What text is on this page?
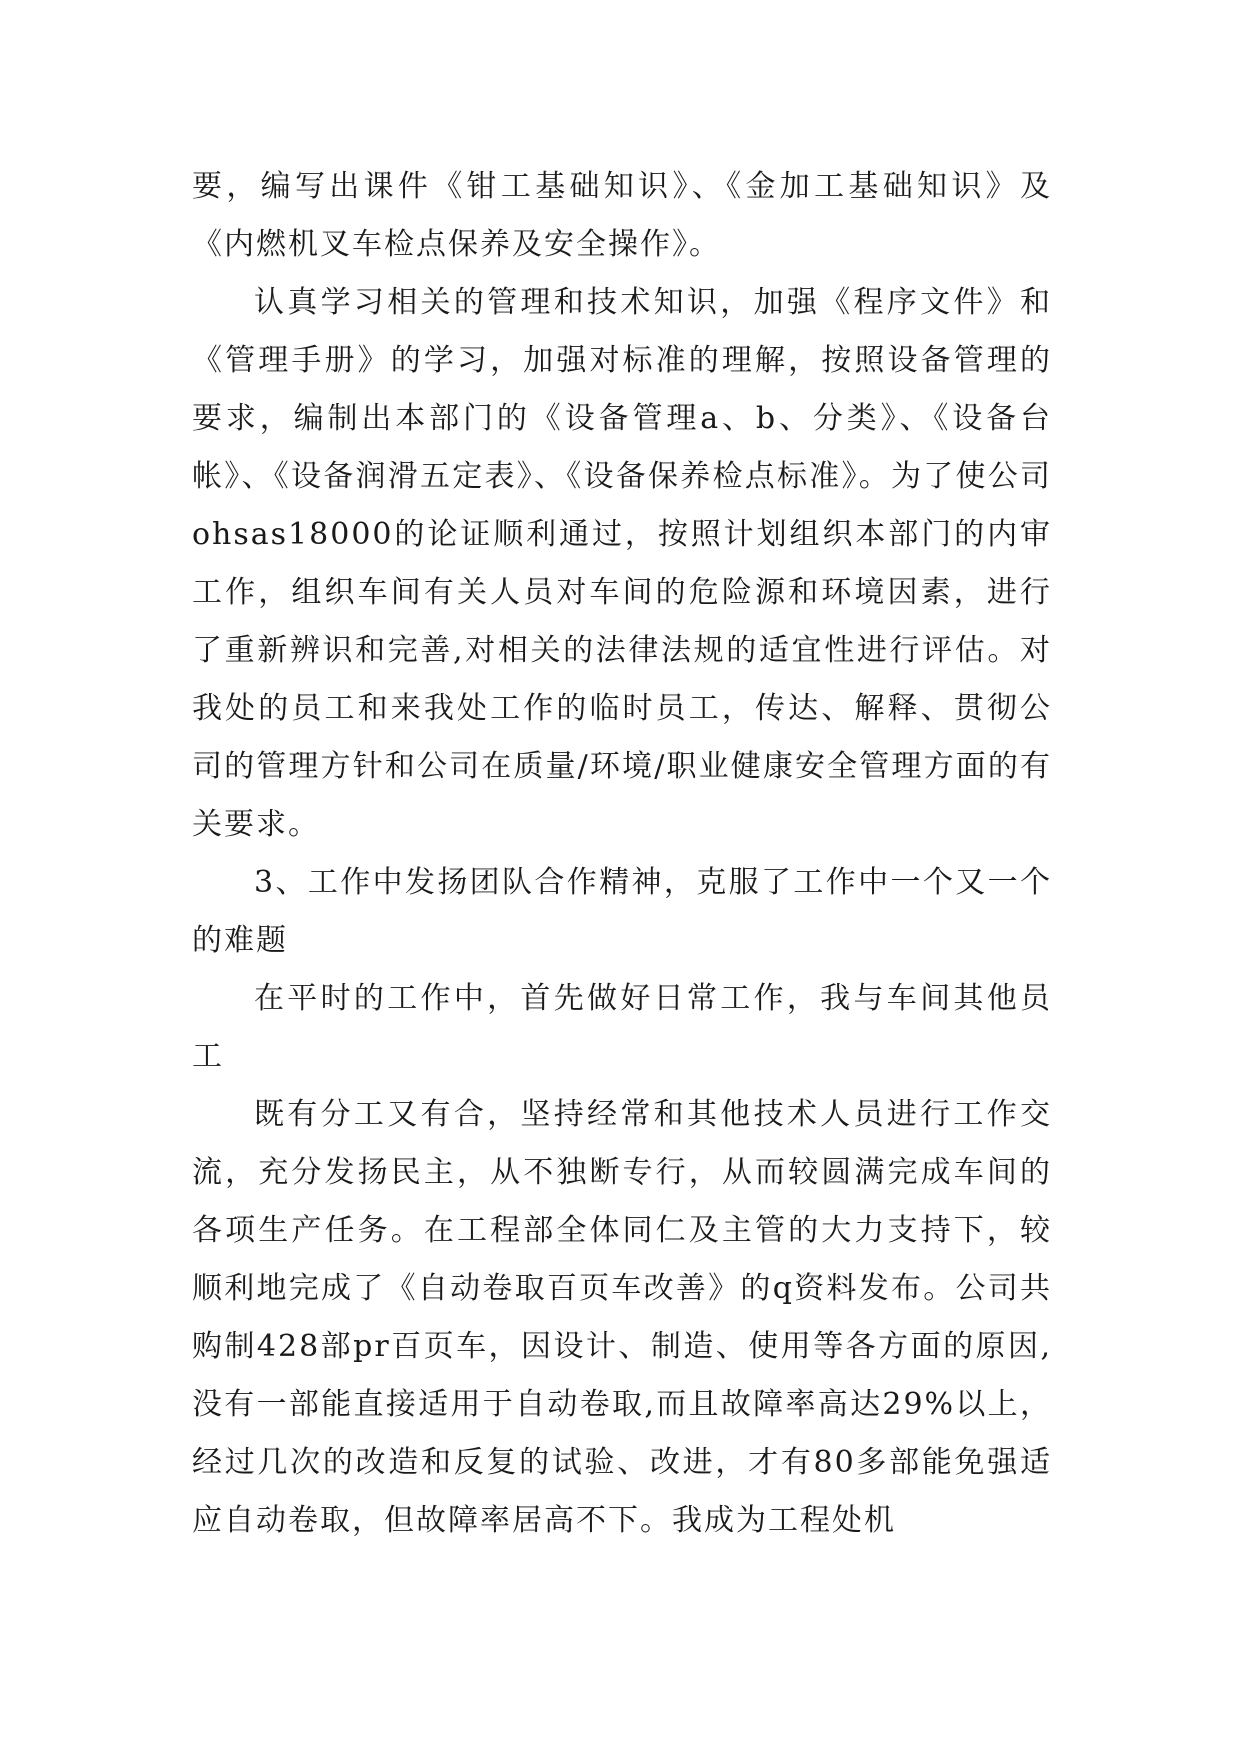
要，编写出课件《钳工基础知识》、《金加工基础知识》及《内燃机叉车检点保养及安全操作》。

认真学习相关的管理和技术知识，加强《程序文件》和《管理手册》的学习，加强对标准的理解，按照设备管理的要求，编制出本部门的《设备管理a、b、分类》、《设备台帐》、《设备润滑五定表》、《设备保养检点标准》。为了使公司ohsas18000的论证顺利通过，按照计划组织本部门的内审工作，组织车间有关人员对车间的危险源和环境因素，进行了重新辨识和完善,对相关的法律法规的适宜性进行评估。对我处的员工和来我处工作的临时员工，传达、解释、贯彻公司的管理方针和公司在质量/环境/职业健康安全管理方面的有关要求。

3、工作中发扬团队合作精神，克服了工作中一个又一个的难题

在平时的工作中，首先做好日常工作，我与车间其他员工

既有分工又有合，坚持经常和其他技术人员进行工作交流，充分发扬民主，从不独断专行，从而较圆满完成车间的各项生产任务。在工程部全体同仁及主管的大力支持下，较顺利地完成了《自动卷取百页车改善》的q资料发布。公司共购制428部pr百页车，因设计、制造、使用等各方面的原因,没有一部能直接适用于自动卷取,而且故障率高达29%以上，经过几次的改造和反复的试验、改进，才有80多部能免强适应自动卷取，但故障率居高不下。我成为工程处机
